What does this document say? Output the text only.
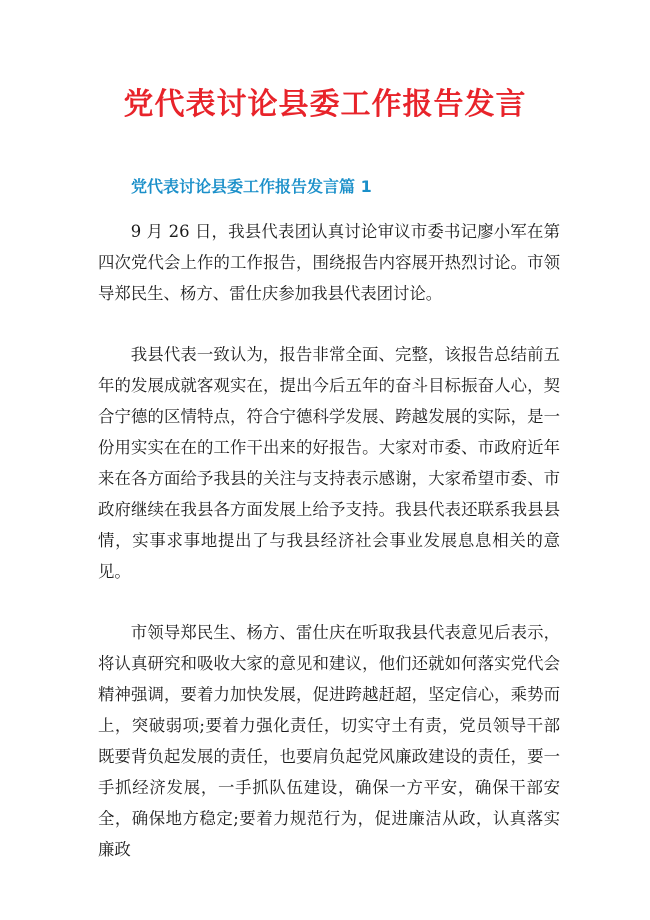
党代表讨论县委工作报告发言
党代表讨论县委工作报告发言篇 1

9 月 26 日，我县代表团认真讨论审议市委书记廖小军在第四次党代会上作的工作报告，围绕报告内容展开热烈讨论。市领导郑民生、杨方、雷仕庆参加我县代表团讨论。

我县代表一致认为，报告非常全面、完整，该报告总结前五年的发展成就客观实在，提出今后五年的奋斗目标振奋人心，契合宁德的区情特点，符合宁德科学发展、跨越发展的实际，是一份用实实在在的工作干出来的好报告。大家对市委、市政府近年来在各方面给予我县的关注与支持表示感谢，大家希望市委、市政府继续在我县各方面发展上给予支持。我县代表还联系我县县情，实事求事地提出了与我县经济社会事业发展息息相关的意见。

市领导郑民生、杨方、雷仕庆在听取我县代表意见后表示，将认真研究和吸收大家的意见和建议，他们还就如何落实党代会精神强调，要着力加快发展，促进跨越赶超，坚定信心，乘势而上，突破弱项;要着力强化责任，切实守土有责，党员领导干部既要背负起发展的责任，也要肩负起党风廉政建设的责任，要一手抓经济发展，一手抓队伍建设，确保一方平安，确保干部安全，确保地方稳定;要着力规范行为，促进廉洁从政，认真落实廉政
